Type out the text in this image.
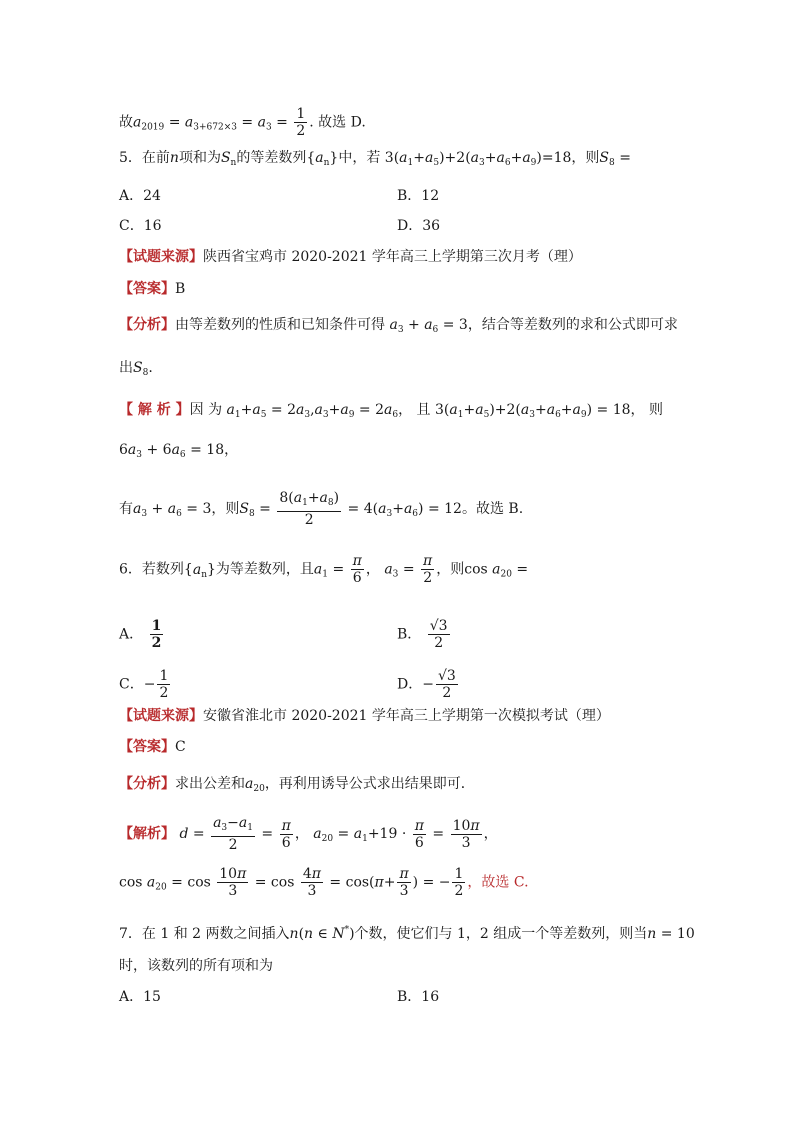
故$a_{2019} = a_{3+672\times 3} = a_3 = \frac{1}{2}$ . 故选 D.
5．在前n项和为$S_n$的等差数列$\{a_n\}$中，若 $3(a_1+a_5)+2(a_3+a_6+a_9)=18$，则$S_8$ =
A．24	B．12
C．16	D．36
【试题来源】陕西省宝鸡市 2020-2021 学年高三上学期第三次月考（理）
【答案】B
【分析】由等差数列的性质和已知条件可得 $a_3 + a_6 = 3$，结合等差数列的求和公式即可求
出$S_8$.
【 解 析 】因 为 $a_1+a_5 = 2a_3,a_3+a_9 = 2a_6$， 且 $3(a_1+a_5)+2(a_3+a_6+a_9) = 18$， 则
$6a_3 + 6a_6 = 18$，
有$a_3 + a_6 = 3$，则$S_8 = \frac{8(a_1+a_8)}{2} = 4(a_3+a_6) = 12$。故选 B.
6．若数列$\{a_n\}$为等差数列，且$a_1 = \frac{\pi}{6}$ ， $a_3 = \frac{\pi}{2}$ ，则$\cos a_{20}$ =
A． $\frac{1}{2}$	B． $\frac{√3}{2}$
C．− $\frac{1}{2}$	D．− $\frac{√3}{2}$
【试题来源】安徽省淮北市 2020-2021 学年高三上学期第一次模拟考试（理）
【答案】C
【分析】求出公差和$a_{20}$，再利用诱导公式求出结果即可．
【解析】 $d = \frac{a_3-a_1}{2} = \frac{\pi}{6}$ ， $a_{20} = a_1+19 \cdot \frac{\pi}{6} = \frac{10\pi}{3}$ ，
$\cos a_{20} = \cos \frac{10\pi}{3} = \cos \frac{4\pi}{3} = \cos(\pi+ \frac{\pi}{3}$ ) = − $\frac{1}{2}$ ，故选 C.
7．在 1 和 2 两数之间插入n(n ∈ N*)个数，使它们与 1，2 组成一个等差数列，则当n = 10
时，该数列的所有项和为
A．15	B．16
